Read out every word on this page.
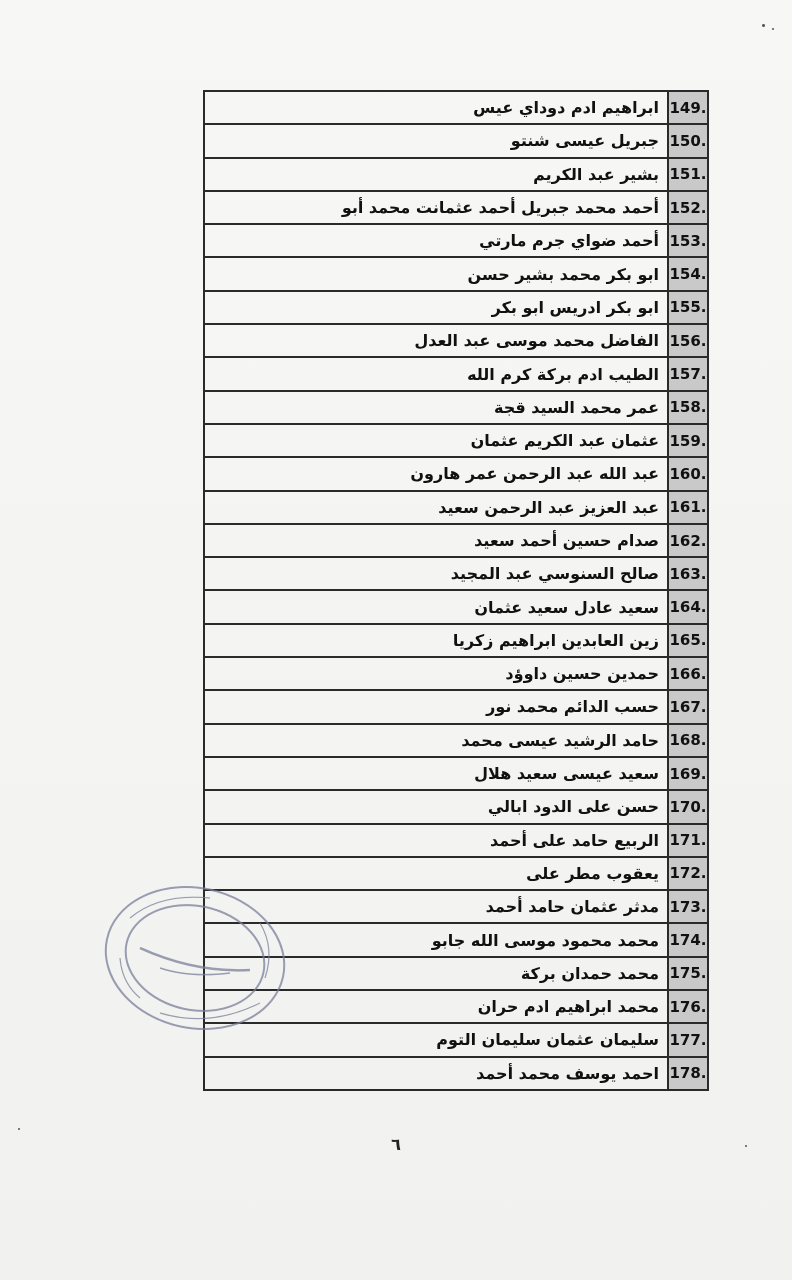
149.	ابراهيم ادم دوداي عيس
150.	جبريل عيسى شنتو
151.	بشير عبد الكريم
152.	أحمد محمد جبريل أحمد عثمانت محمد أبو
153.	أحمد ضواي جرم مارتي
154.	ابو بكر محمد بشير حسن
155.	ابو بكر ادريس ابو بكر
156.	الفاضل محمد موسى عبد العدل
157.	الطيب ادم بركة كرم الله
158.	عمر محمد السيد قجة
159.	عثمان عبد الكريم عثمان
160.	عبد الله عبد الرحمن عمر هارون
161.	عبد العزيز عبد الرحمن سعيد
162.	صدام حسين أحمد سعيد
163.	صالح السنوسي عبد المجيد
164.	سعيد عادل سعيد عثمان
165.	زين العابدين ابراهيم زكريا
166.	حمدين حسين داوؤد
167.	حسب الدائم محمد نور
168.	حامد الرشيد عيسى محمد
169.	سعيد عيسى سعيد هلال
170.	حسن على الدود ابالي
171.	الربيع حامد على أحمد
172.	يعقوب مطر على
173.	مدثر عثمان حامد أحمد
174.	محمد محمود موسى الله جابو
175.	محمد حمدان بركة
176.	محمد ابراهيم ادم حران
177.	سليمان عثمان سليمان التوم
178.	احمد يوسف محمد أحمد
٦
